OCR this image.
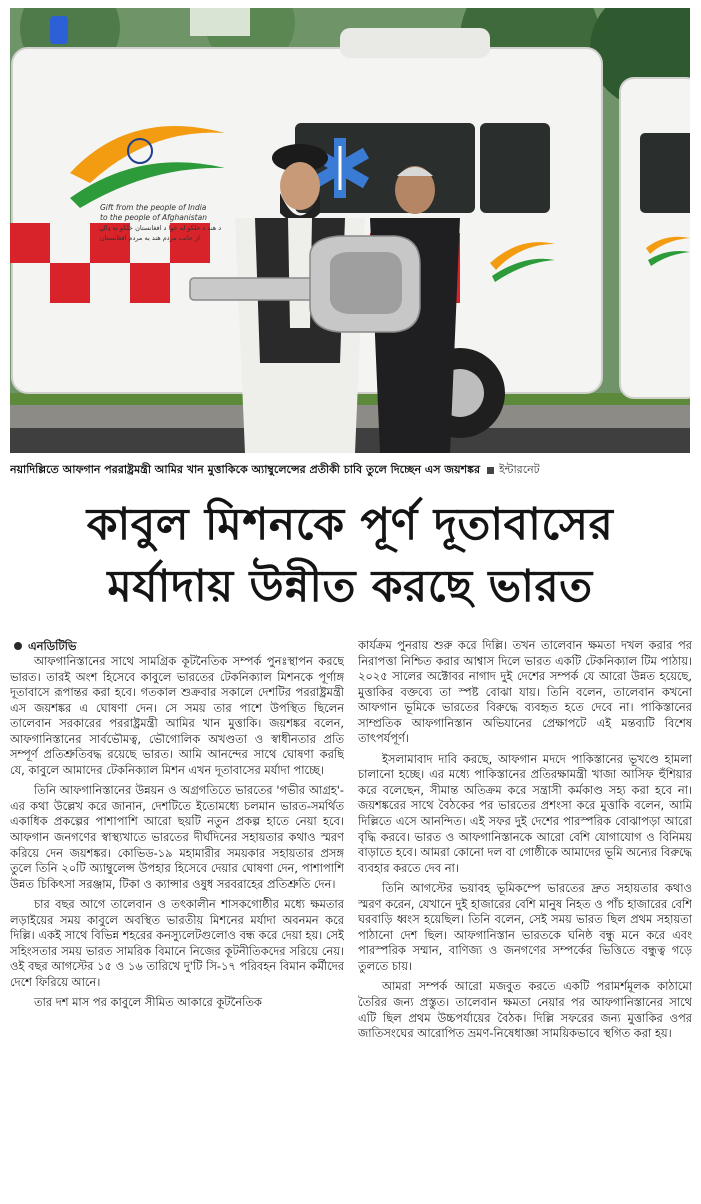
Gift from the people of India
to the people of Afghanistan
د هند د خلکو له خوا د افغانستان خلکو ته ډالۍ
از جانب مردم هند به مردم افغانستان
নয়াদিল্লিতে আফগান পররাষ্ট্রমন্ত্রী আমির খান মুত্তাকিকে অ্যাম্বুলেন্সের প্রতীকী চাবি তুলে দিচ্ছেন এস জয়শঙ্কর ইন্টারনেট
কাবুল মিশনকে পূর্ণ দূতাবাসের
মর্যাদায় উন্নীত করছে ভারত
এনডিটিভি

আফগানিস্তানের সাথে সামগ্রিক কূটনৈতিক সম্পর্ক পুনঃস্থাপন করছে ভারত। তারই অংশ হিসেবে কাবুলে ভারতের টেকনিক্যাল মিশনকে পূর্ণাঙ্গ দূতাবাসে রূপান্তর করা হবে। গতকাল শুক্রবার সকালে দেশটির পররাষ্ট্রমন্ত্রী এস জয়শঙ্কর এ ঘোষণা দেন। সে সময় তার পাশে উপস্থিত ছিলেন তালেবান সরকারের পররাষ্ট্রমন্ত্রী আমির খান মুত্তাকি। জয়শঙ্কর বলেন, আফগানিস্তানের সার্বভৌমত্ব, ভৌগোলিক অখণ্ডতা ও স্বাধীনতার প্রতি সম্পূর্ণ প্রতিশ্রুতিবদ্ধ রয়েছে ভারত। আমি আনন্দের সাথে ঘোষণা করছি যে, কাবুলে আমাদের টেকনিক্যাল মিশন এখন দূতাবাসের মর্যাদা পাচ্ছে।

তিনি আফগানিস্তানের উন্নয়ন ও অগ্রগতিতে ভারতের 'গভীর আগ্রহ'-এর কথা উল্লেখ করে জানান, দেশটিতে ইতোমধ্যে চলমান ভারত-সমর্থিত একাধিক প্রকল্পের পাশাপাশি আরো ছয়টি নতুন প্রকল্প হাতে নেয়া হবে। আফগান জনগণের স্বাস্থ্যখাতে ভারতের দীর্ঘদিনের সহায়তার কথাও স্মরণ করিয়ে দেন জয়শঙ্কর। কোভিড-১৯ মহামারীর সময়কার সহায়তার প্রসঙ্গ তুলে তিনি ২০টি অ্যাম্বুলেন্স উপহার হিসেবে দেয়ার ঘোষণা দেন, পাশাপাশি উন্নত চিকিৎসা সরঞ্জাম, টিকা ও ক্যান্সার ওষুধ সরবরাহের প্রতিশ্রুতি দেন।

চার বছর আগে তালেবান ও তৎকালীন শাসকগোষ্ঠীর মধ্যে ক্ষমতার লড়াইয়ের সময় কাবুলে অবস্থিত ভারতীয় মিশনের মর্যাদা অবনমন করে দিল্লি। একই সাথে বিভিন্ন শহরের কনস্যুলেটগুলোও বন্ধ করে দেয়া হয়। সেই সহিংসতার সময় ভারত সামরিক বিমানে নিজের কূটনীতিকদের সরিয়ে নেয়। ওই বছর আগস্টের ১৫ ও ১৬ তারিখে দু'টি সি-১৭ পরিবহন বিমান কর্মীদের দেশে ফিরিয়ে আনে।

তার দশ মাস পর কাবুলে সীমিত আকারে কূটনৈতিক

কার্যক্রম পুনরায় শুরু করে দিল্লি। তখন তালেবান ক্ষমতা দখল করার পর নিরাপত্তা নিশ্চিত করার আশ্বাস দিলে ভারত একটি টেকনিক্যাল টিম পাঠায়। ২০২৫ সালের অক্টোবর নাগাদ দুই দেশের সম্পর্ক যে আরো উন্নত হয়েছে, মুত্তাকির বক্তব্যে তা স্পষ্ট বোঝা যায়। তিনি বলেন, তালেবান কখনো আফগান ভূমিকে ভারতের বিরুদ্ধে ব্যবহৃত হতে দেবে না। পাকিস্তানের সাম্প্রতিক আফগানিস্তান অভিযানের প্রেক্ষাপটে এই মন্তব্যটি বিশেষ তাৎপর্যপূর্ণ।

ইসলামাবাদ দাবি করছে, আফগান মদদে পাকিস্তানের ভূখণ্ডে হামলা চালানো হচ্ছে। এর মধ্যে পাকিস্তানের প্রতিরক্ষামন্ত্রী খাজা আসিফ হুঁশিয়ার করে বলেছেন, সীমান্ত অতিক্রম করে সন্ত্রাসী কর্মকাণ্ড সহ্য করা হবে না। জয়শঙ্করের সাথে বৈঠকের পর ভারতের প্রশংসা করে মুত্তাকি বলেন, আমি দিল্লিতে এসে আনন্দিত। এই সফর দুই দেশের পারস্পরিক বোঝাপড়া আরো বৃদ্ধি করবে। ভারত ও আফগানিস্তানকে আরো বেশি যোগাযোগ ও বিনিময় বাড়াতে হবে। আমরা কোনো দল বা গোষ্ঠীকে আমাদের ভূমি অন্যের বিরুদ্ধে ব্যবহার করতে দেব না।

তিনি আগস্টের ভয়াবহ ভূমিকম্পে ভারতের দ্রুত সহায়তার কথাও স্মরণ করেন, যেখানে দুই হাজারের বেশি মানুষ নিহত ও পাঁচ হাজারের বেশি ঘরবাড়ি ধ্বংস হয়েছিল। তিনি বলেন, সেই সময় ভারত ছিল প্রথম সহায়তা পাঠানো দেশ ছিল। আফগানিস্তান ভারতকে ঘনিষ্ঠ বন্ধু মনে করে এবং পারস্পরিক সম্মান, বাণিজ্য ও জনগণের সম্পর্কের ভিত্তিতে বন্ধুত্ব গড়ে তুলতে চায়।

আমরা সম্পর্ক আরো মজবুত করতে একটি পরামর্শমূলক কাঠামো তৈরির জন্য প্রস্তুত। তালেবান ক্ষমতা নেয়ার পর আফগানিস্তানের সাথে এটি ছিল প্রথম উচ্চপর্যায়ের বৈঠক। দিল্লি সফরের জন্য মুত্তাকির ওপর জাতিসংঘের আরোপিত ভ্রমণ-নিষেধাজ্ঞা সাময়িকভাবে স্থগিত করা হয়।
